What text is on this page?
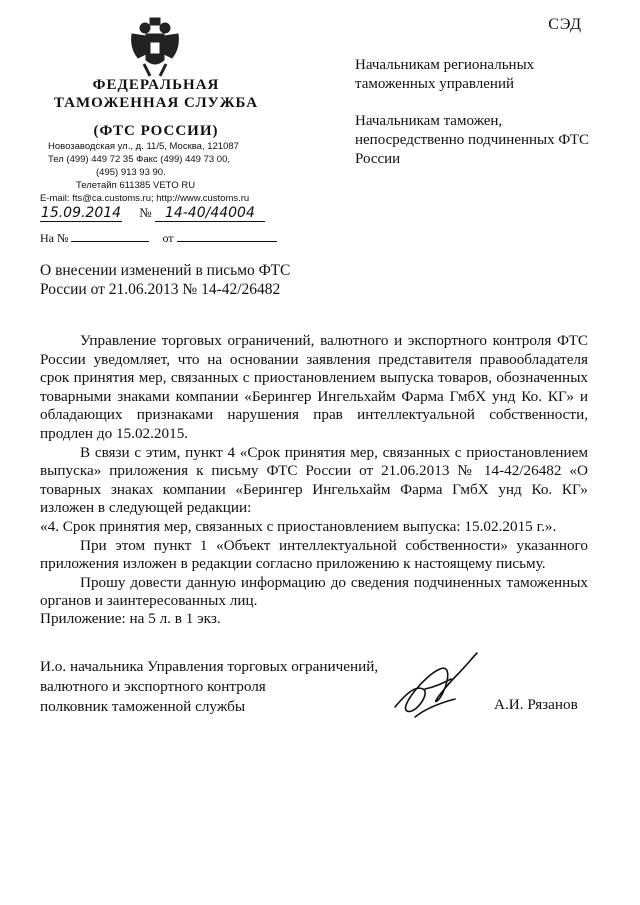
СЭД
ФЕДЕРАЛЬНАЯ
ТАМОЖЕННАЯ СЛУЖБА
(ФТС РОССИИ)
Новозаводская ул., д. 11/5, Москва, 121087
Тел (499) 449 72 35 Факс (499) 449 73 00,
(495) 913 93 90.
Телетайп 611385 VETO RU
E-mail: fts@ca.customs.ru; http://www.customs.ru
15.09.2014 № 14-40/44004
На №	от

Начальникам региональных таможенных управлений

Начальникам таможен, непосредственно подчиненных ФТС России

О внесении изменений в письмо ФТС России от 21.06.2013 № 14-42/26482

Управление торговых ограничений, валютного и экспортного контроля ФТС России уведомляет, что на основании заявления представителя правообладателя срок принятия мер, связанных с приостановлением выпуска товаров, обозначенных товарными знаками компании «Берингер Ингельхайм Фарма ГмбХ унд Ко. КГ» и обладающих признаками нарушения прав интеллектуальной собственности, продлен до 15.02.2015.

В связи с этим, пункт 4 «Срок принятия мер, связанных с приостановлением выпуска» приложения к письму ФТС России от 21.06.2013 № 14-42/26482 «О товарных знаках компании «Берингер Ингельхайм Фарма ГмбХ унд Ко. КГ» изложен в следующей редакции:

«4. Срок принятия мер, связанных с приостановлением выпуска: 15.02.2015 г.».

При этом пункт 1 «Объект интеллектуальной собственности» указанного приложения изложен в редакции согласно приложению к настоящему письму.

Прошу довести данную информацию до сведения подчиненных таможенных органов и заинтересованных лиц.

Приложение: на 5 л. в 1 экз.
И.о. начальника Управления торговых ограничений,
валютного и экспортного контроля
полковник таможенной службы	А.И. Рязанов
